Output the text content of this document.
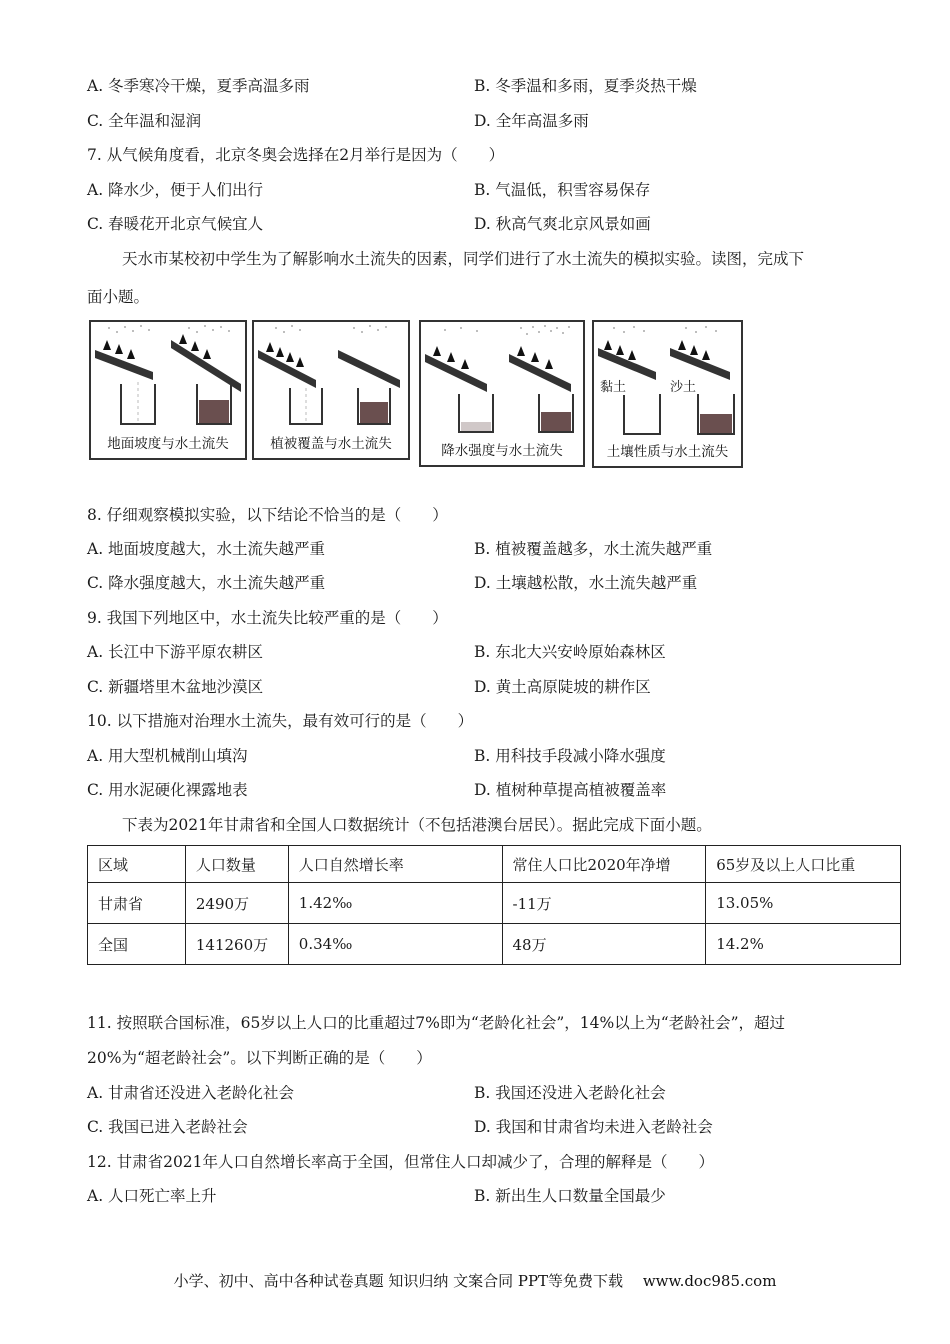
A. 冬季寒冷干燥，夏季高温多雨	B. 冬季温和多雨，夏季炎热干燥
C. 全年温和湿润	D. 全年高温多雨
7. 从气候角度看，北京冬奥会选择在2月举行是因为（　　）
A. 降水少，便于人们出行	B. 气温低，积雪容易保存
C. 春暖花开北京气候宜人	D. 秋高气爽北京风景如画
天水市某校初中学生为了解影响水土流失的因素，同学们进行了水土流失的模拟实验。读图，完成下
面小题。
地面坡度与水土流失	植被覆盖与水土流失	降水强度与水土流失
黏土	沙土
土壤性质与水土流失
8. 仔细观察模拟实验，以下结论不恰当的是（　　）
A. 地面坡度越大，水土流失越严重	B. 植被覆盖越多，水土流失越严重
C. 降水强度越大，水土流失越严重	D. 土壤越松散，水土流失越严重
9. 我国下列地区中，水土流失比较严重的是（　　）
A. 长江中下游平原农耕区	B. 东北大兴安岭原始森林区
C. 新疆塔里木盆地沙漠区	D. 黄土高原陡坡的耕作区
10. 以下措施对治理水土流失，最有效可行的是（　　）
A. 用大型机械削山填沟	B. 用科技手段减小降水强度
C. 用水泥硬化裸露地表	D. 植树种草提高植被覆盖率
下表为2021年甘肃省和全国人口数据统计（不包括港澳台居民）。据此完成下面小题。
区域	人口数量	人口自然增长率	常住人口比2020年净增	65岁及以上人口比重
甘肃省	2490万	1.42‰	-11万	13.05%
全国	141260万	0.34‰	48万	14.2%
11. 按照联合国标准，65岁以上人口的比重超过7%即为“老龄化社会”，14%以上为“老龄社会”，超过
20%为“超老龄社会”。以下判断正确的是（　　）
A. 甘肃省还没进入老龄化社会	B. 我国还没进入老龄化社会
C. 我国已进入老龄社会	D. 我国和甘肃省均未进入老龄社会
12. 甘肃省2021年人口自然增长率高于全国，但常住人口却减少了，合理的解释是（　　）
A. 人口死亡率上升	B. 新出生人口数量全国最少
小学、初中、高中各种试卷真题 知识归纳 文案合同 PPT等免费下载　 www.doc985.com
